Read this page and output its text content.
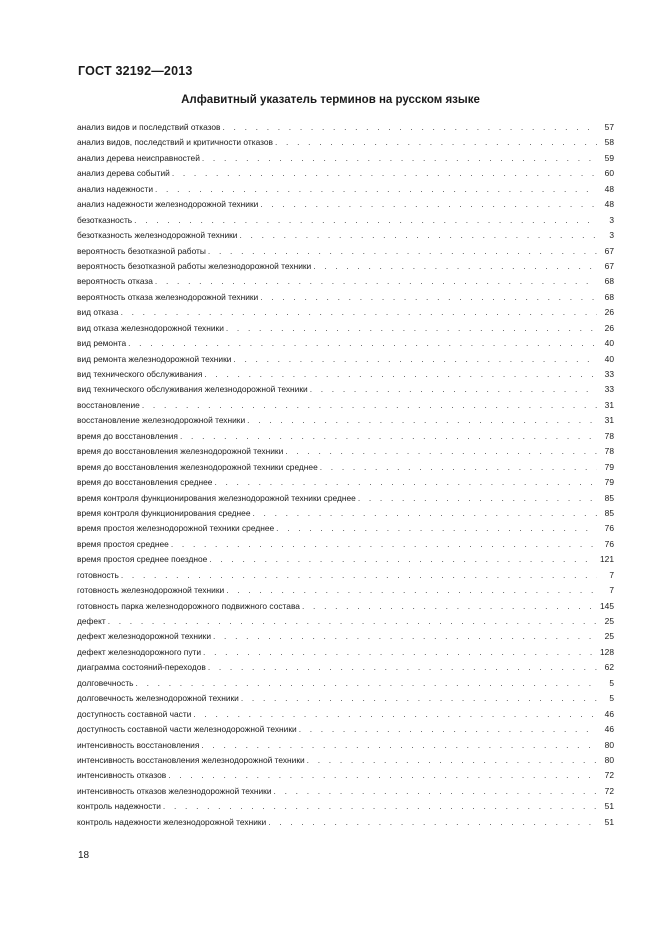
ГОСТ 32192—2013
Алфавитный указатель терминов на русском языке
анализ видов и последствий отказов . . .	57
анализ видов, последствий и критичности отказов . . .	58
анализ дерева неисправностей . . .	59
анализ дерева событий . . .	60
анализ надежности . . .	48
анализ надежности железнодорожной техники . . .	48
безотказность . . .	3
безотказность железнодорожной техники . . .	3
вероятность безотказной работы . . .	67
вероятность безотказной работы железнодорожной техники . . .	67
вероятность отказа . . .	68
вероятность отказа железнодорожной техники . . .	68
вид отказа . . .	26
вид отказа железнодорожной техники . . .	26
вид ремонта . . .	40
вид ремонта железнодорожной техники . . .	40
вид технического обслуживания . . .	33
вид технического обслуживания железнодорожной техники . . .	33
восстановление . . .	31
восстановление железнодорожной техники . . .	31
время до восстановления . . .	78
время до восстановления железнодорожной техники . . .	78
время до восстановления железнодорожной техники среднее . . .	79
время до восстановления среднее . . .	79
время контроля функционирования железнодорожной техники среднее . . .	85
время контроля функционирования среднее . . .	85
время простоя железнодорожной техники среднее . . .	76
время простоя среднее . . .	76
время простоя среднее поездное . . .	121
готовность . . .	7
готовность железнодорожной техники . . .	7
готовность парка железнодорожного подвижного состава . . .	145
дефект . . .	25
дефект железнодорожной техники . . .	25
дефект железнодорожного пути . . .	128
диаграмма состояний-переходов . . .	62
долговечность . . .	5
долговечность железнодорожной техники . . .	5
доступность составной части . . .	46
доступность составной части железнодорожной техники . . .	46
интенсивность восстановления . . .	80
интенсивность восстановления железнодорожной техники . . .	80
интенсивность отказов . . .	72
интенсивность отказов железнодорожной техники . . .	72
контроль надежности . . .	51
контроль надежности железнодорожной техники . . .	51
18
